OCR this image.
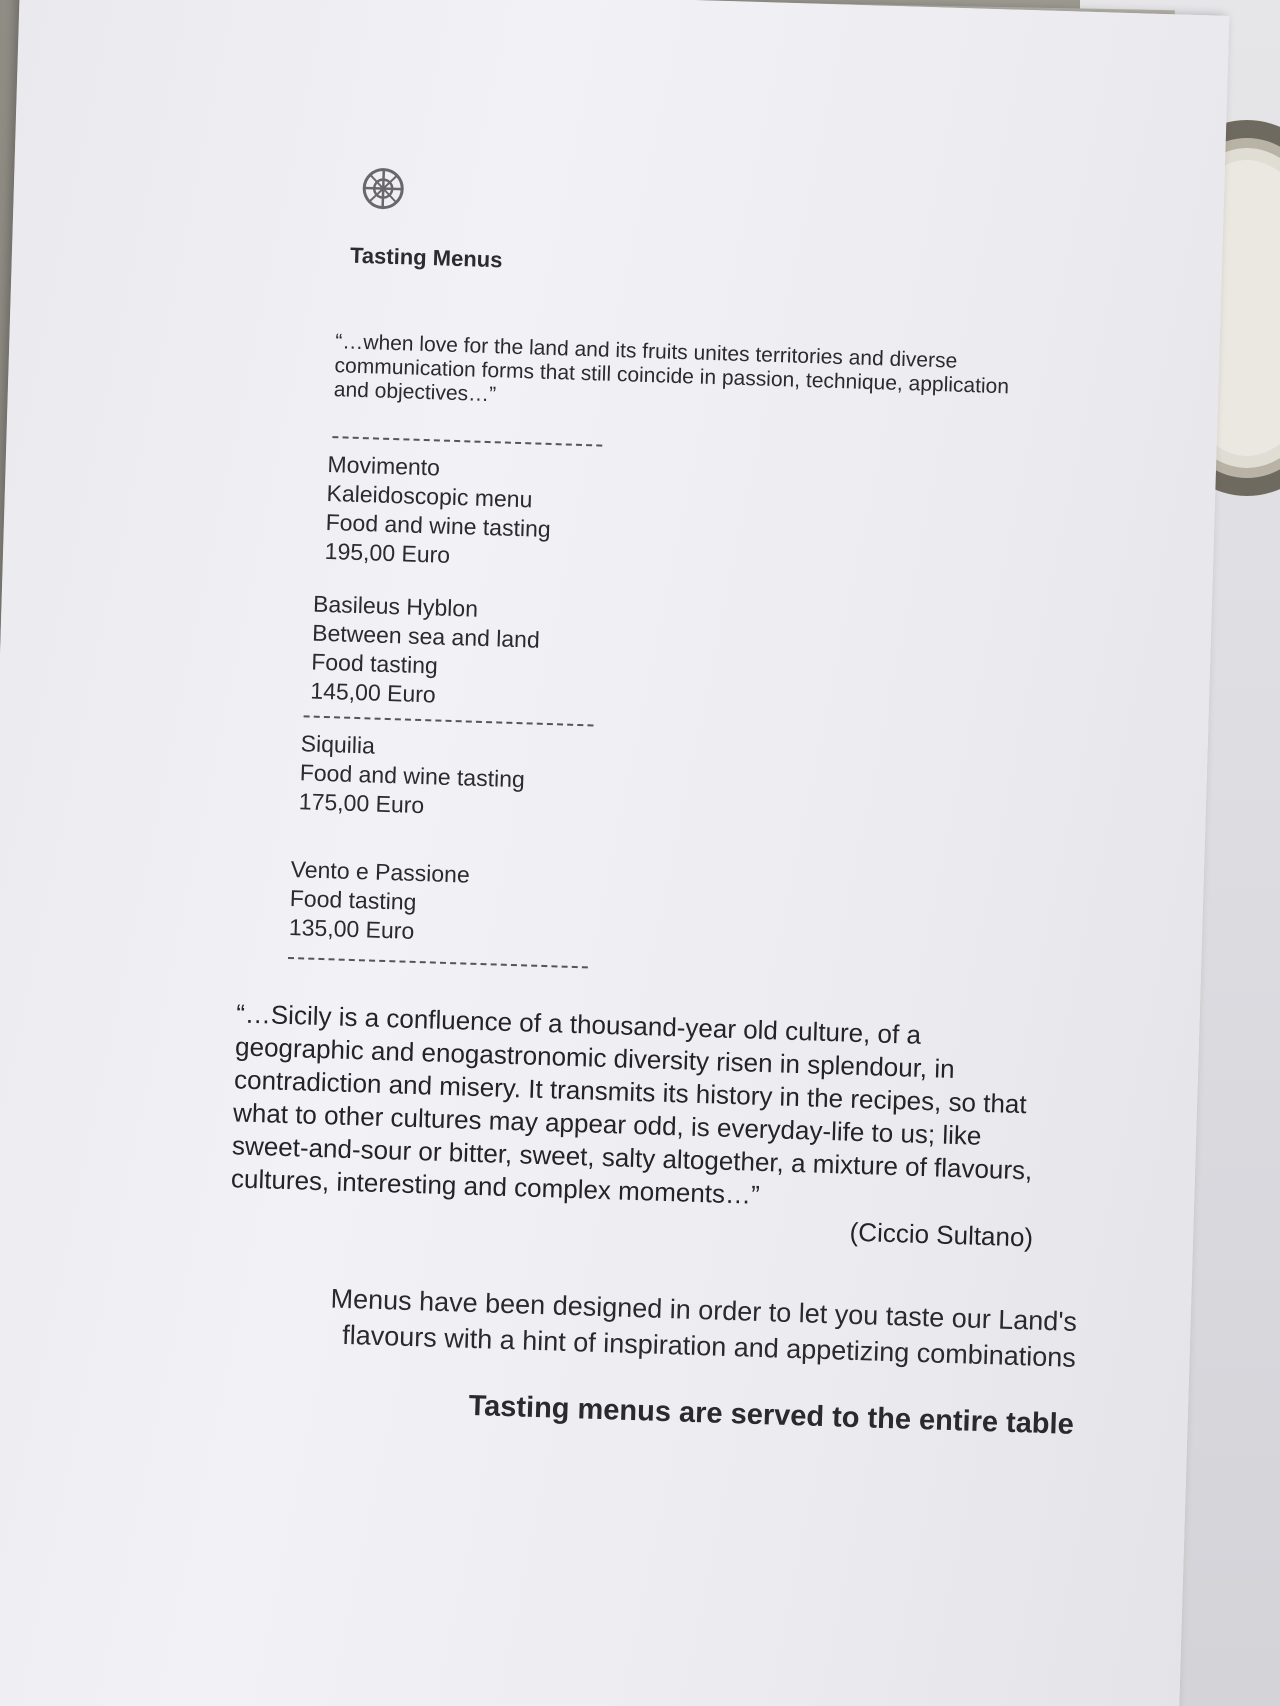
Tasting Menus
“…when love for the land and its fruits unites territories and diverse communication forms that still coincide in passion, technique, application and objectives…”
Movimento
Kaleidoscopic menu
Food and wine tasting
195,00 Euro
Basileus Hyblon
Between sea and land
Food tasting
145,00 Euro
Siquilia
Food and wine tasting
175,00 Euro
Vento e Passione
Food tasting
135,00 Euro
“…Sicily is a confluence of a thousand-year old culture, of a geographic and enogastronomic diversity risen in splendour, in contradiction and misery. It transmits its history in the recipes, so that what to other cultures may appear odd, is everyday-life to us; like sweet-and-sour or bitter, sweet, salty altogether, a mixture of flavours, cultures, interesting and complex moments…”
(Ciccio Sultano)
Menus have been designed in order to let you taste our Land's flavours with a hint of inspiration and appetizing combinations
Tasting menus are served to the entire table
